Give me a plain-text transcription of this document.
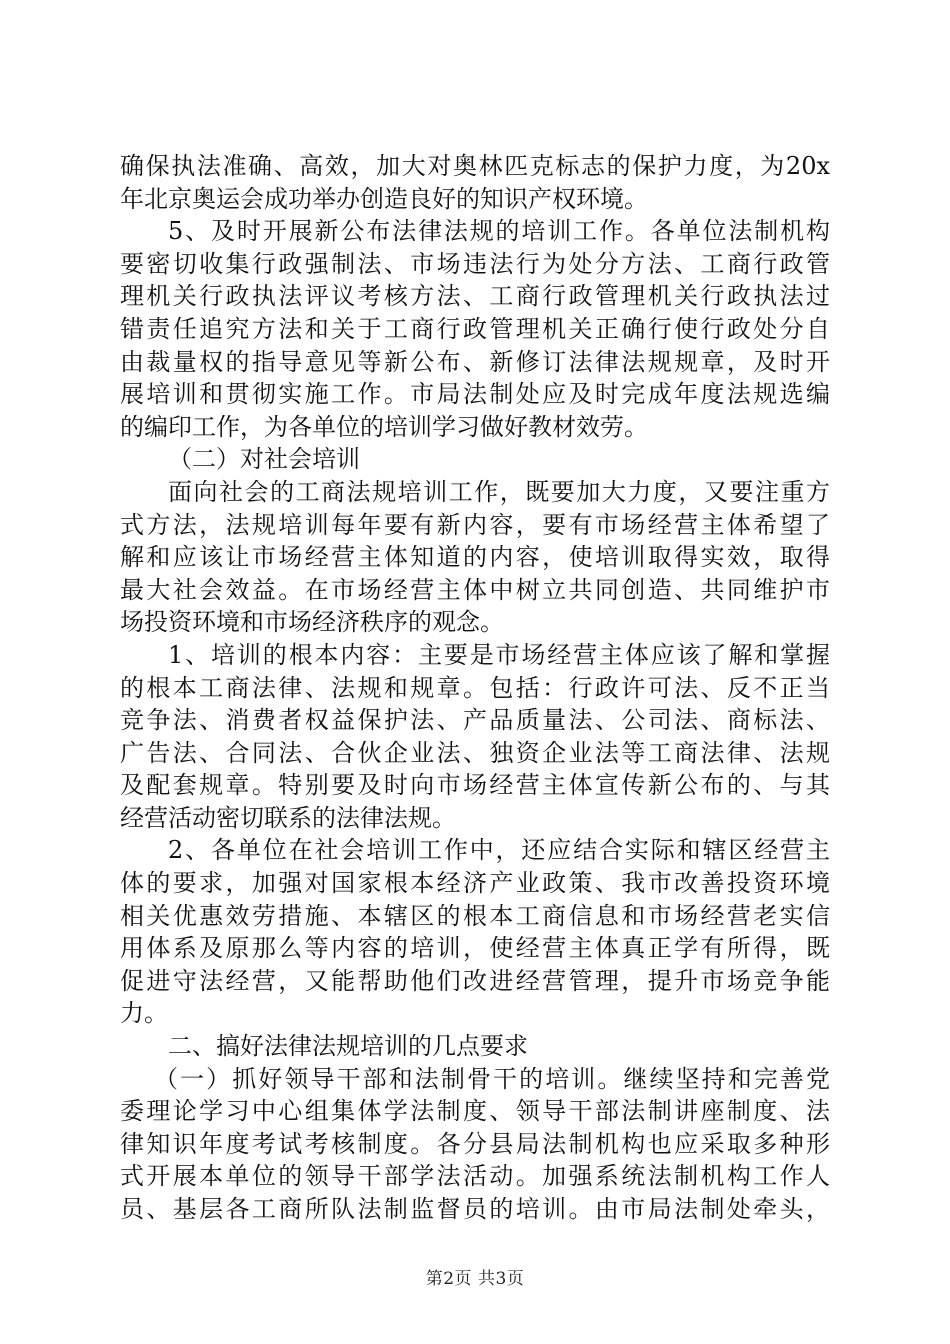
确保执法准确、高效，加大对奥林匹克标志的保护力度，为20x
年北京奥运会成功举办创造良好的知识产权环境。
5、及时开展新公布法律法规的培训工作。各单位法制机构
要密切收集行政强制法、市场违法行为处分方法、工商行政管
理机关行政执法评议考核方法、工商行政管理机关行政执法过
错责任追究方法和关于工商行政管理机关正确行使行政处分自
由裁量权的指导意见等新公布、新修订法律法规规章，及时开
展培训和贯彻实施工作。市局法制处应及时完成年度法规选编
的编印工作，为各单位的培训学习做好教材效劳。
（二）对社会培训
面向社会的工商法规培训工作，既要加大力度，又要注重方
式方法，法规培训每年要有新内容，要有市场经营主体希望了
解和应该让市场经营主体知道的内容，使培训取得实效，取得
最大社会效益。在市场经营主体中树立共同创造、共同维护市
场投资环境和市场经济秩序的观念。
1、培训的根本内容：主要是市场经营主体应该了解和掌握
的根本工商法律、法规和规章。包括：行政许可法、反不正当
竞争法、消费者权益保护法、产品质量法、公司法、商标法、
广告法、合同法、合伙企业法、独资企业法等工商法律、法规
及配套规章。特别要及时向市场经营主体宣传新公布的、与其
经营活动密切联系的法律法规。
2、各单位在社会培训工作中，还应结合实际和辖区经营主
体的要求，加强对国家根本经济产业政策、我市改善投资环境
相关优惠效劳措施、本辖区的根本工商信息和市场经营老实信
用体系及原那么等内容的培训，使经营主体真正学有所得，既
促进守法经营，又能帮助他们改进经营管理，提升市场竞争能
力。
二、搞好法律法规培训的几点要求
（一）抓好领导干部和法制骨干的培训。继续坚持和完善党
委理论学习中心组集体学法制度、领导干部法制讲座制度、法
律知识年度考试考核制度。各分县局法制机构也应采取多种形
式开展本单位的领导干部学法活动。加强系统法制机构工作人
员、基层各工商所队法制监督员的培训。由市局法制处牵头，
第2页 共3页
